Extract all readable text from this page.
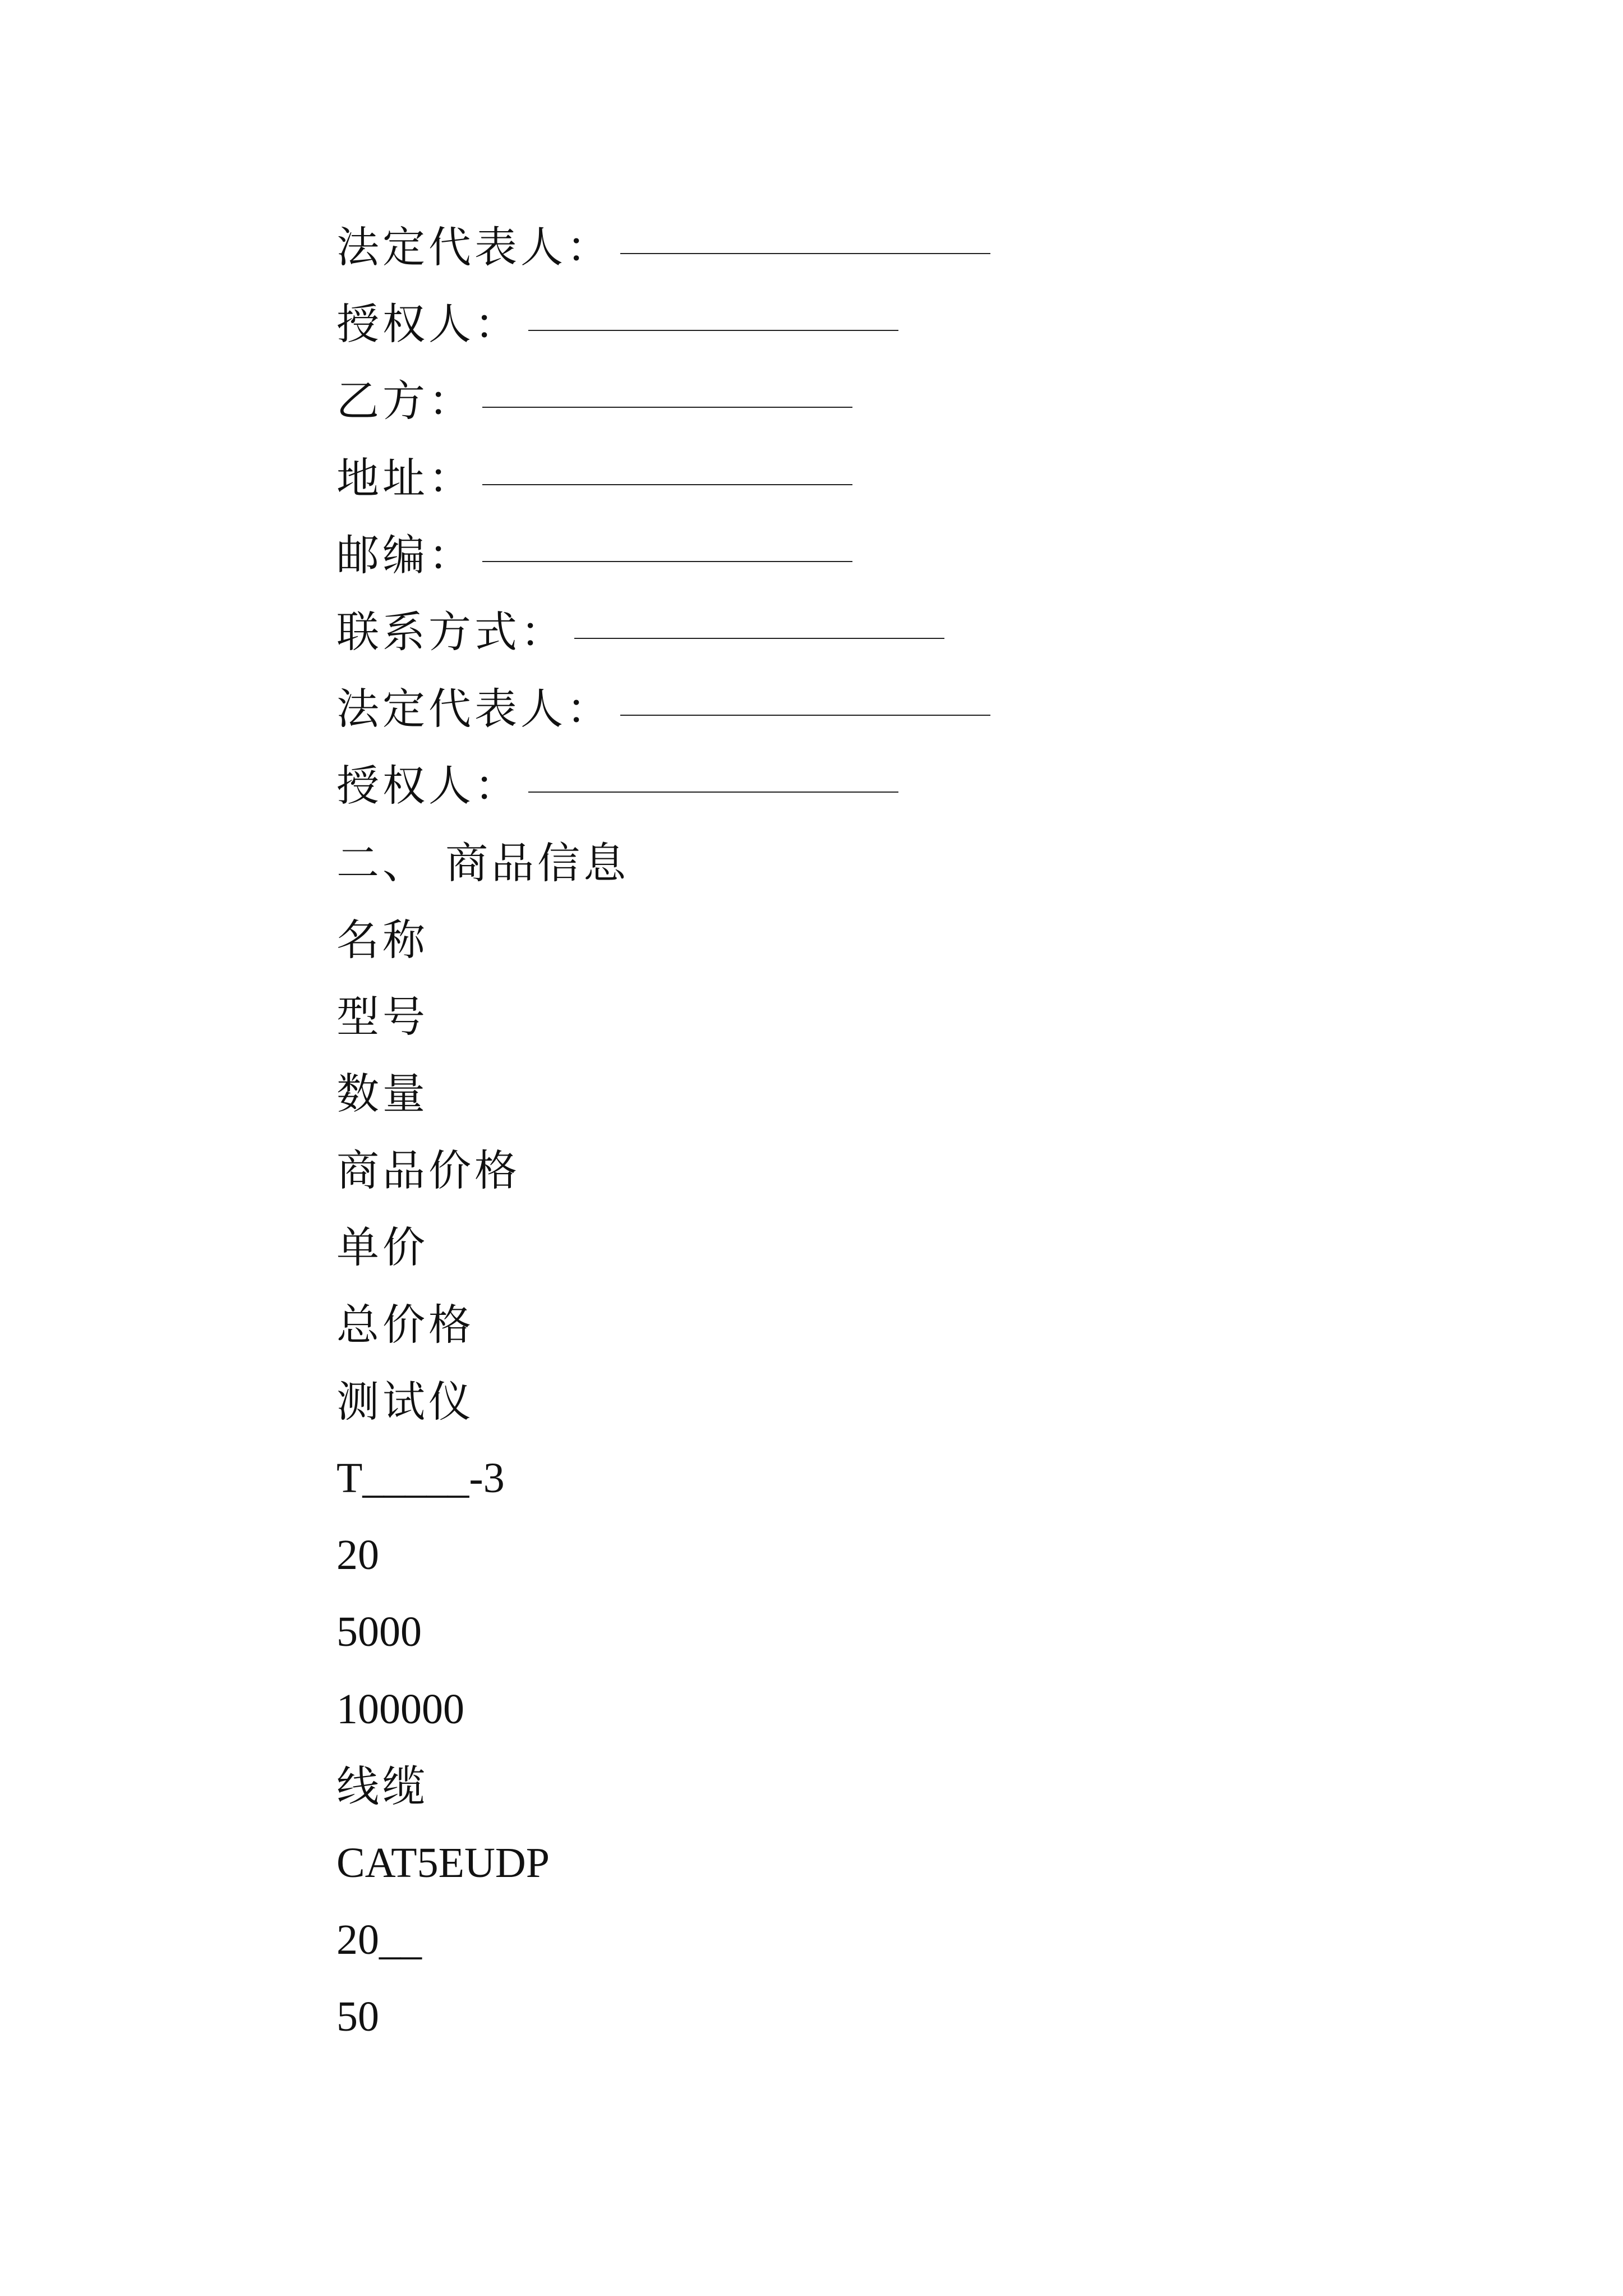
法定代表人：
授权人：
乙方：
地址：
邮编：
联系方式：
法定代表人：
授权人：
二、 商品信息
名称
型号
数量
商品价格
单价
总价格
测试仪
T_____-3
20
5000
100000
线缆
CAT5EUDP
20__
50
